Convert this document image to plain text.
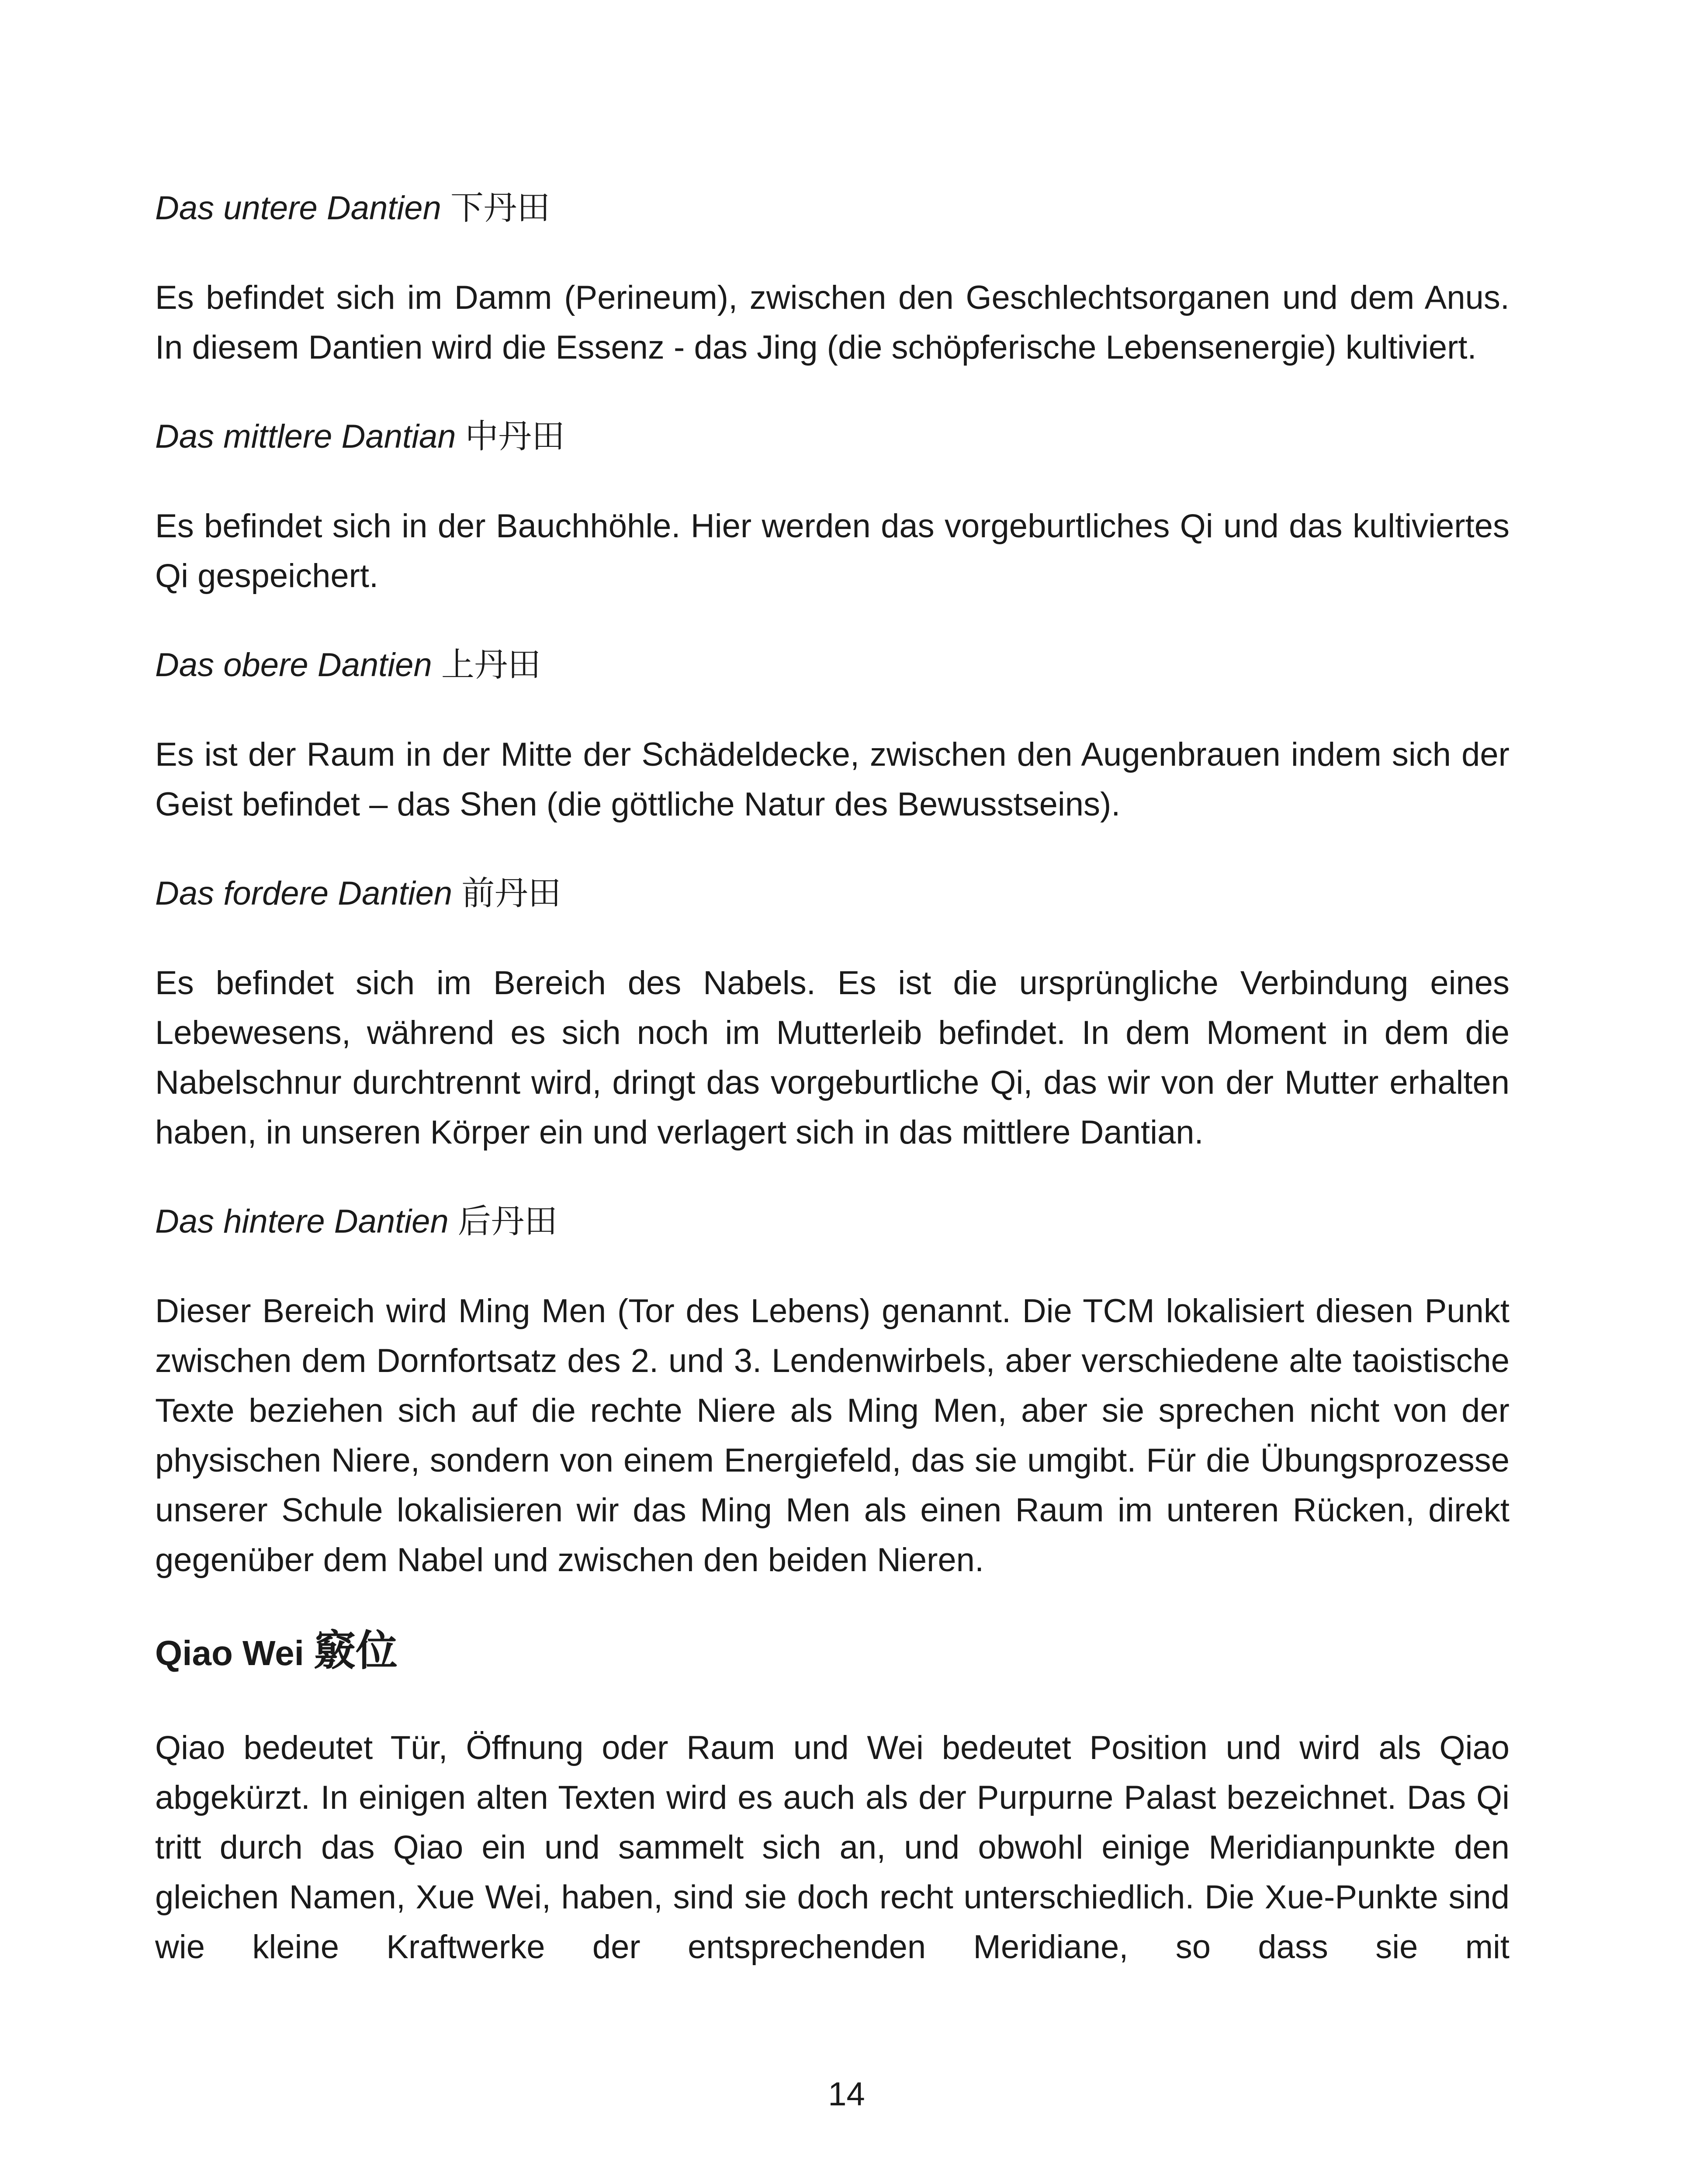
Das untere Dantien 下丹田

Es befindet sich im Damm (Perineum), zwischen den Geschlechtsorganen und dem Anus. In diesem Dantien wird die Essenz - das Jing (die schöpferische Lebensenergie) kultiviert.

Das mittlere Dantian 中丹田

Es befindet sich in der Bauchhöhle. Hier werden das vorgeburtliches Qi und das kultiviertes Qi gespeichert.

Das obere Dantien 上丹田

Es ist der Raum in der Mitte der Schädeldecke, zwischen den Augenbrauen indem sich der Geist befindet – das Shen (die göttliche Natur des Bewusstseins).

Das fordere Dantien 前丹田

Es befindet sich im Bereich des Nabels. Es ist die ursprüngliche Verbindung eines Lebewesens, während es sich noch im Mutterleib befindet. In dem Moment in dem die Nabelschnur durchtrennt wird, dringt das vorgeburtliche Qi, das wir von der Mutter erhalten haben, in unseren Körper ein und verlagert sich in das mittlere Dantian.

Das hintere Dantien 后丹田

Dieser Bereich wird Ming Men (Tor des Lebens) genannt. Die TCM lokalisiert diesen Punkt zwischen dem Dornfortsatz des 2. und 3. Lendenwirbels, aber verschiedene alte taoistische Texte beziehen sich auf die rechte Niere als Ming Men, aber sie sprechen nicht von der physischen Niere, sondern von einem Energiefeld, das sie umgibt. Für die Übungsprozesse unserer Schule lokalisieren wir das Ming Men als einen Raum im unteren Rücken, direkt gegenüber dem Nabel und zwischen den beiden Nieren.

Qiao Wei 竅位

Qiao bedeutet Tür, Öffnung oder Raum und Wei bedeutet Position und wird als Qiao abgekürzt. In einigen alten Texten wird es auch als der Purpurne Palast bezeichnet. Das Qi tritt durch das Qiao ein und sammelt sich an, und obwohl einige Meridianpunkte den gleichen Namen, Xue Wei, haben, sind sie doch recht unterschiedlich. Die Xue-Punkte sind wie kleine Kraftwerke der entsprechenden Meridiane, so dass sie mit

14
